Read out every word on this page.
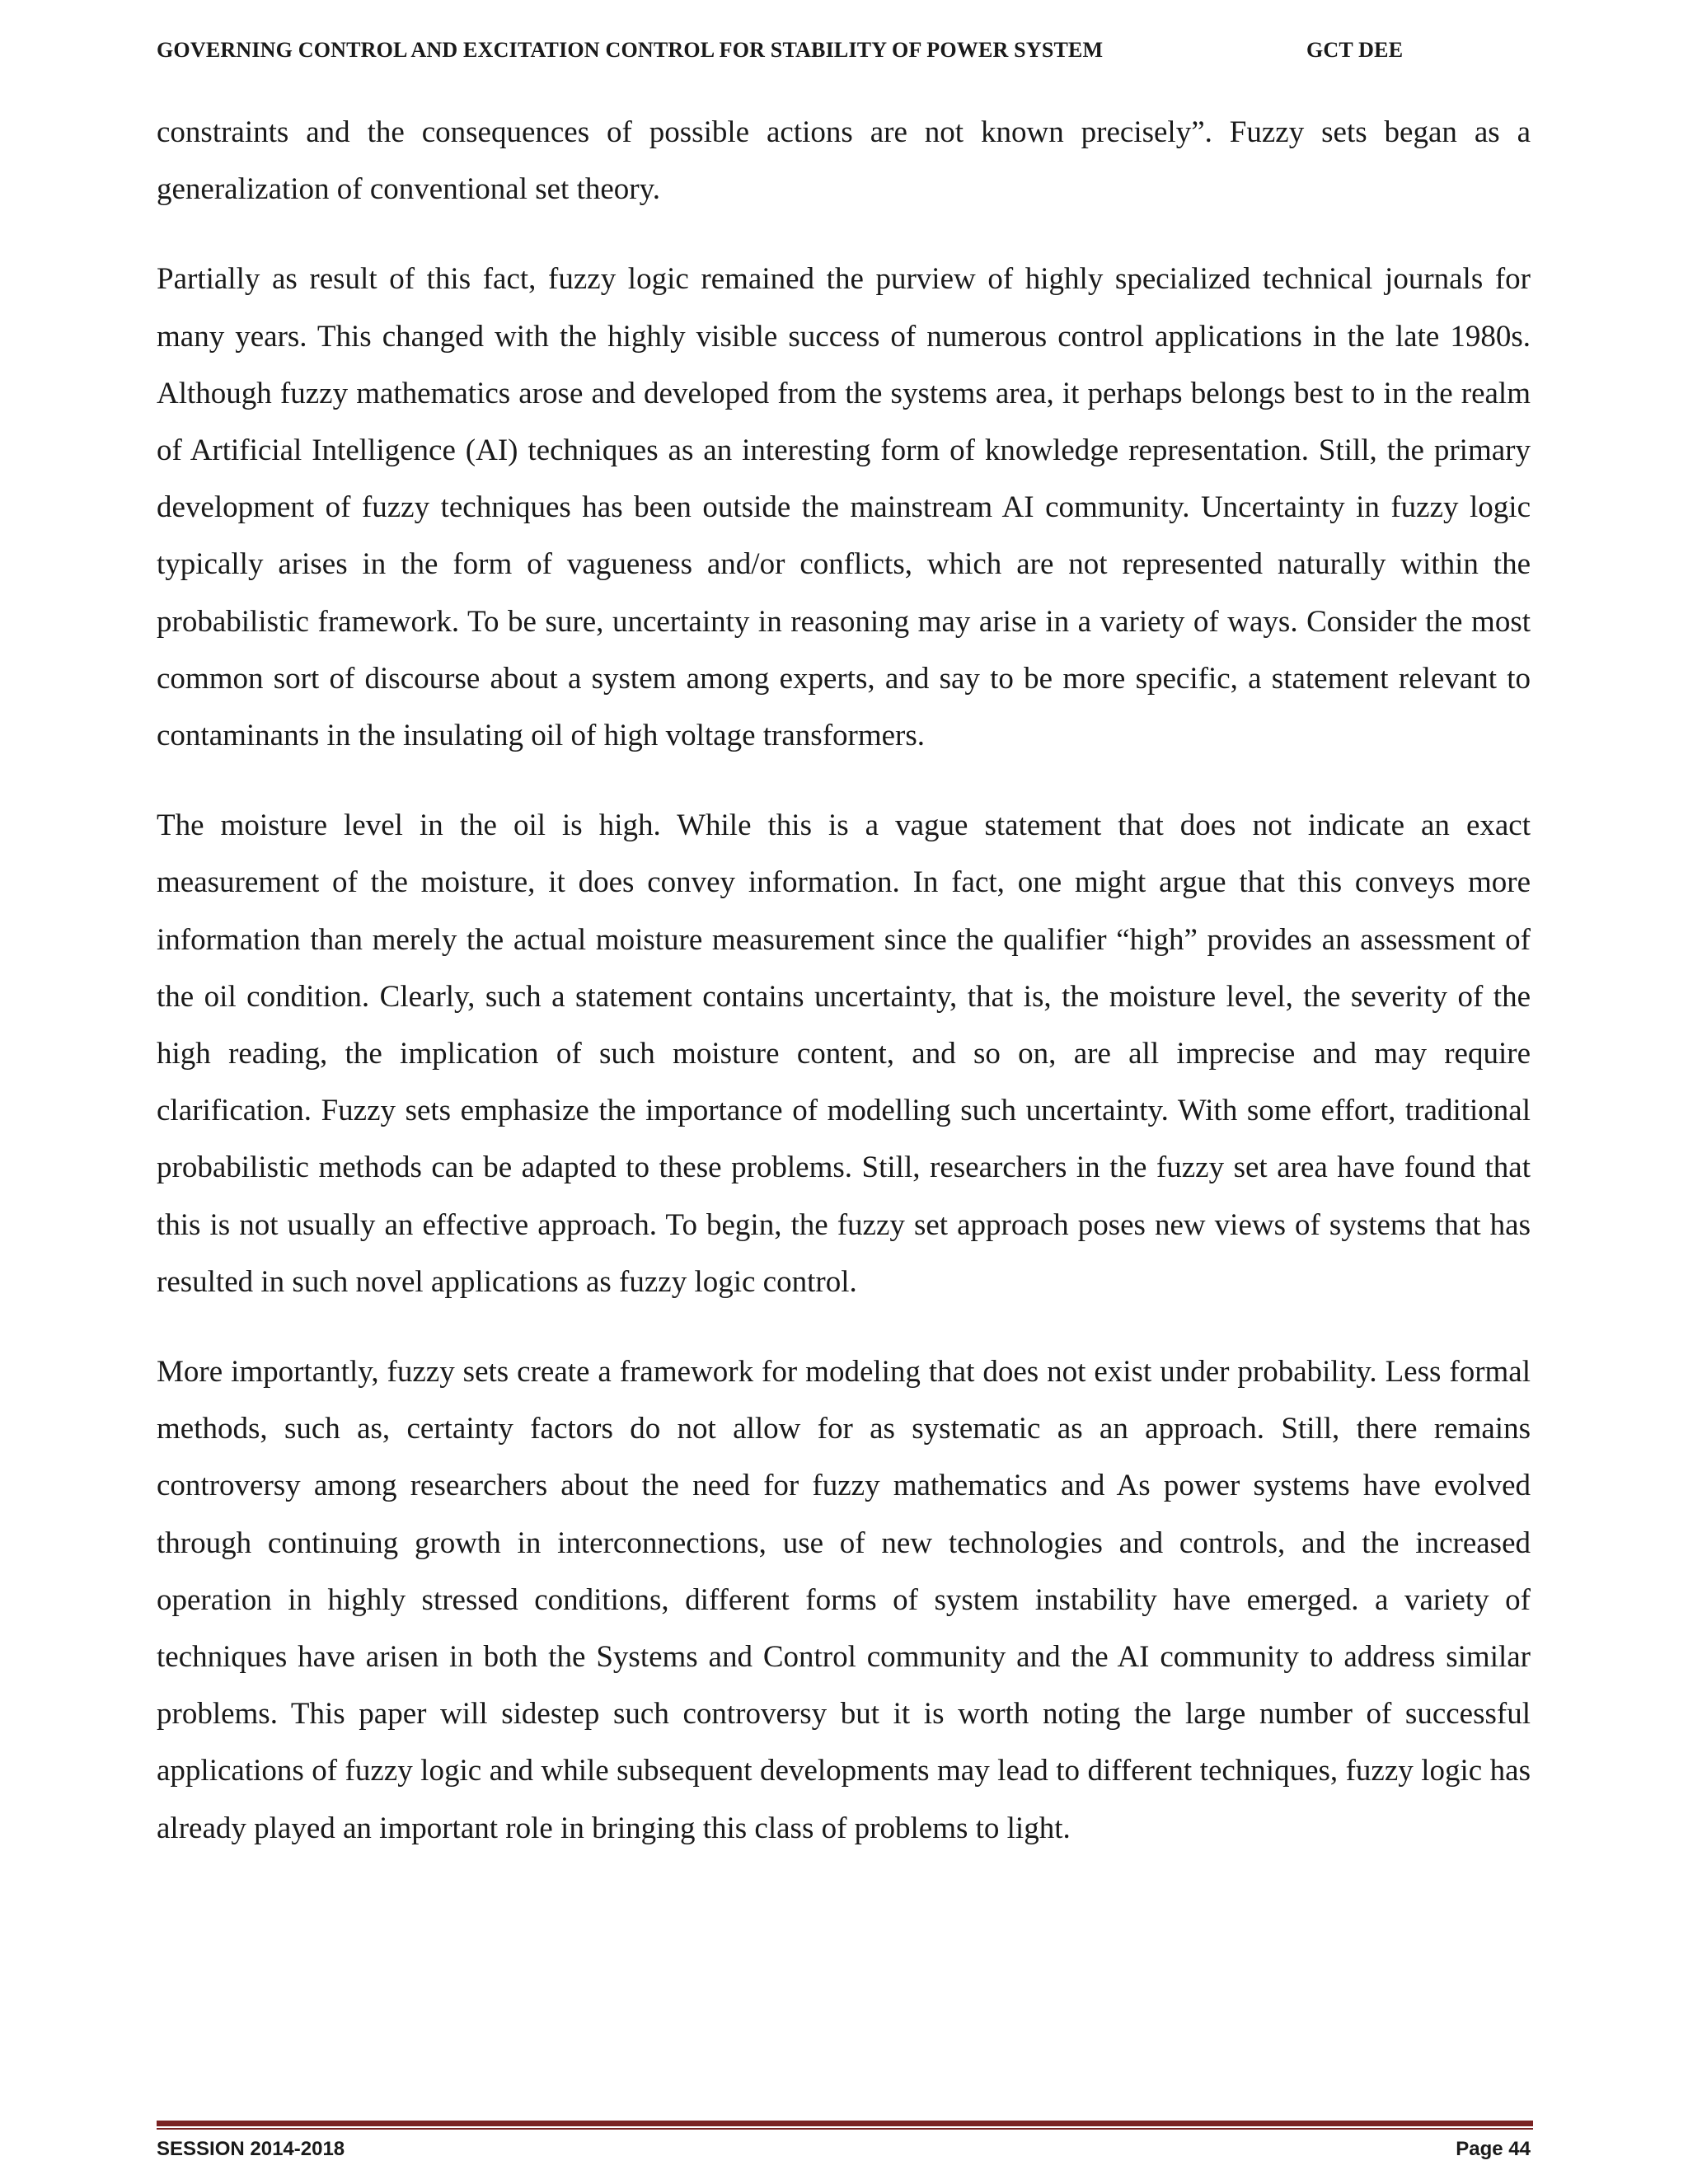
GOVERNING CONTROL AND EXCITATION CONTROL FOR STABILITY OF POWER SYSTEM	GCT DEE

constraints and the consequences of possible actions are not known precisely”. Fuzzy sets began as a generalization of conventional set theory.

Partially as result of this fact, fuzzy logic remained the purview of highly specialized technical journals for many years. This changed with the highly visible success of numerous control applications in the late 1980s. Although fuzzy mathematics arose and developed from the systems area, it perhaps belongs best to in the realm of Artificial Intelligence (AI) techniques as an interesting form of knowledge representation. Still, the primary development of fuzzy techniques has been outside the mainstream AI community. Uncertainty in fuzzy logic typically arises in the form of vagueness and/or conflicts, which are not represented naturally within the probabilistic framework. To be sure, uncertainty in reasoning may arise in a variety of ways. Consider the most common sort of discourse about a system among experts, and say to be more specific, a statement relevant to contaminants in the insulating oil of high voltage transformers.

The moisture level in the oil is high. While this is a vague statement that does not indicate an exact measurement of the moisture, it does convey information. In fact, one might argue that this conveys more information than merely the actual moisture measurement since the qualifier “high” provides an assessment of the oil condition. Clearly, such a statement contains uncertainty, that is, the moisture level, the severity of the high reading, the implication of such moisture content, and so on, are all imprecise and may require clarification. Fuzzy sets emphasize the importance of modelling such uncertainty. With some effort, traditional probabilistic methods can be adapted to these problems. Still, researchers in the fuzzy set area have found that this is not usually an effective approach. To begin, the fuzzy set approach poses new views of systems that has resulted in such novel applications as fuzzy logic control.

More importantly, fuzzy sets create a framework for modeling that does not exist under probability. Less formal methods, such as, certainty factors do not allow for as systematic as an approach. Still, there remains controversy among researchers about the need for fuzzy mathematics and As power systems have evolved through continuing growth in interconnections, use of new technologies and controls, and the increased operation in highly stressed conditions, different forms of system instability have emerged. a variety of techniques have arisen in both the Systems and Control community and the AI community to address similar problems. This paper will sidestep such controversy but it is worth noting the large number of successful applications of fuzzy logic and while subsequent developments may lead to different techniques, fuzzy logic has already played an important role in bringing this class of problems to light.

SESSION 2014-2018	Page 44
